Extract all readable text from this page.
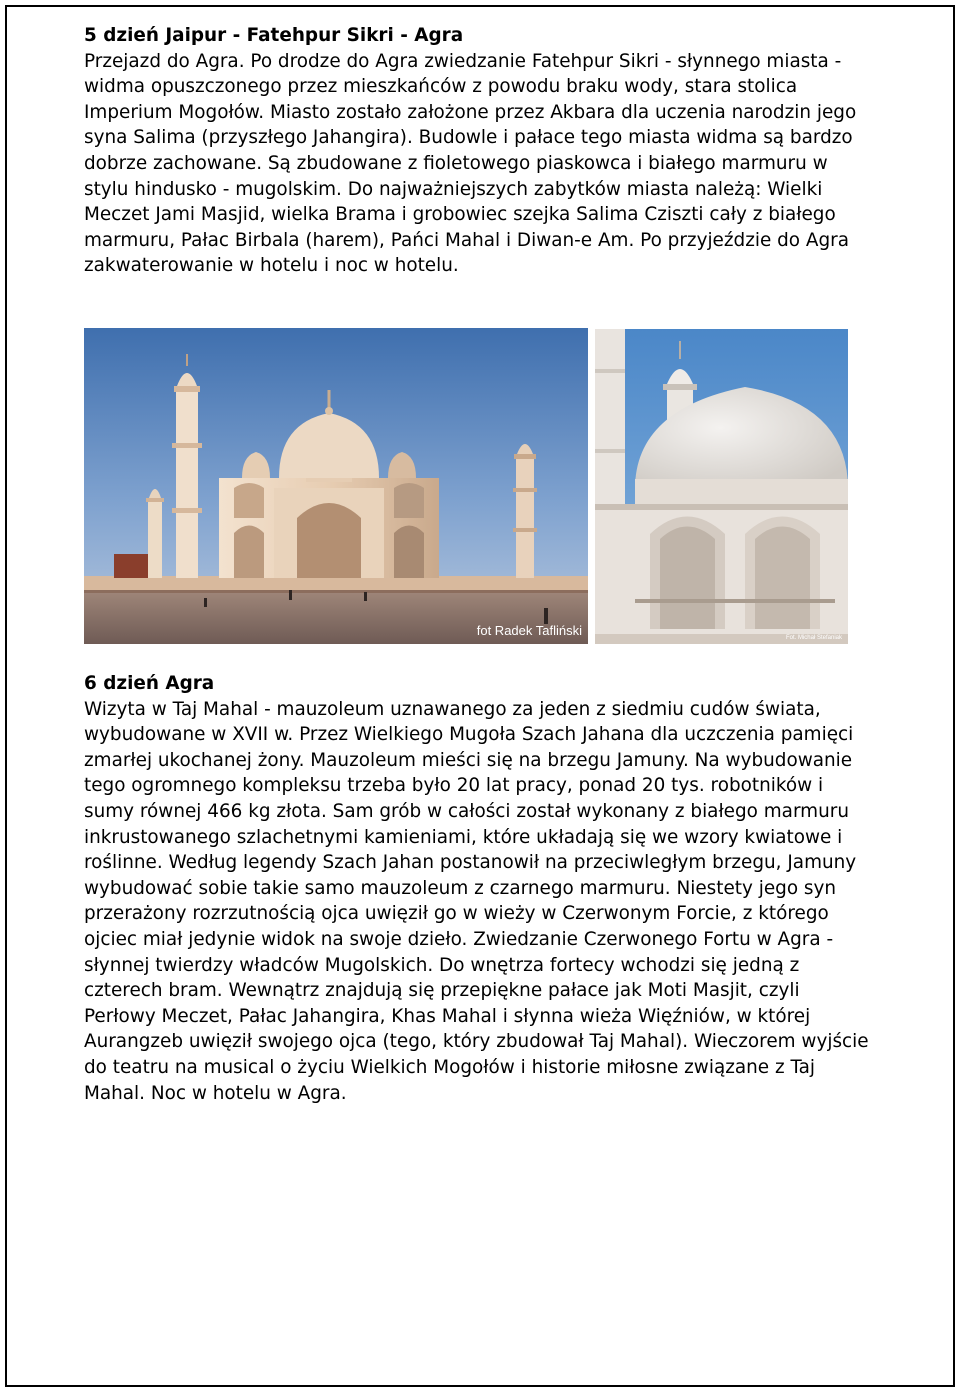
5 dzień Jaipur - Fatehpur Sikri - Agra

Przejazd do Agra. Po drodze do Agra zwiedzanie Fatehpur Sikri - słynnego miasta - widma opuszczonego przez mieszkańców z powodu braku wody, stara stolica Imperium Mogołów. Miasto zostało założone przez Akbara dla uczenia narodzin jego syna Salima (przyszłego Jahangira). Budowle i pałace tego miasta widma są bardzo dobrze zachowane. Są zbudowane z fioletowego piaskowca i białego marmuru w stylu hindusko - mugolskim. Do najważniejszych zabytków miasta należą: Wielki Meczet Jami Masjid, wielka Brama i grobowiec szejka Salima Cziszti cały z białego marmuru, Pałac Birbala (harem), Pańci Mahal i Diwan-e Am. Po przyjeździe do Agra zakwaterowanie w hotelu i noc w hotelu.

fot Radek Tafliński	Fot. Michał Stefaniak
6 dzień Agra

Wizyta w Taj Mahal - mauzoleum uznawanego za jeden z siedmiu cudów świata, wybudowane w XVII w. Przez Wielkiego Mugoła Szach Jahana dla uczczenia pamięci zmarłej ukochanej żony. Mauzoleum mieści się na brzegu Jamuny. Na wybudowanie tego ogromnego kompleksu trzeba było 20 lat pracy, ponad 20 tys. robotników i sumy równej 466 kg złota. Sam grób w całości został wykonany z białego marmuru inkrustowanego szlachetnymi kamieniami, które układają się we wzory kwiatowe i roślinne. Według legendy Szach Jahan postanowił na przeciwległym brzegu, Jamuny wybudować sobie takie samo mauzoleum z czarnego marmuru. Niestety jego syn przerażony rozrzutnością ojca uwięził go w wieży w Czerwonym Forcie, z którego ojciec miał jedynie widok na swoje dzieło. Zwiedzanie Czerwonego Fortu w Agra - słynnej twierdzy władców Mugolskich. Do wnętrza fortecy wchodzi się jedną z czterech bram. Wewnątrz znajdują się przepiękne pałace jak Moti Masjit, czyli Perłowy Meczet, Pałac Jahangira, Khas Mahal i słynna wieża Więźniów, w której Aurangzeb uwięził swojego ojca (tego, który zbudował Taj Mahal). Wieczorem wyjście do teatru na musical o życiu Wielkich Mogołów i historie miłosne związane z Taj Mahal. Noc w hotelu w Agra.
